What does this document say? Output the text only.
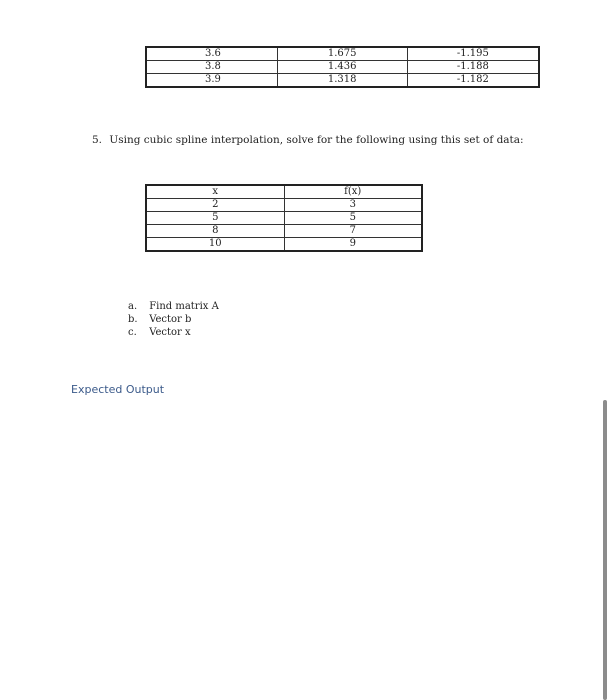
3.6	1.675	-1.195
3.8	1.436	-1.188
3.9	1.318	-1.182
5. Using cubic spline interpolation, solve for the following using this set of data:
x	f(x)
2	3
5	5
8	7
10	9
a. Find matrix A
b. Vector b
c. Vector x
Expected Output
